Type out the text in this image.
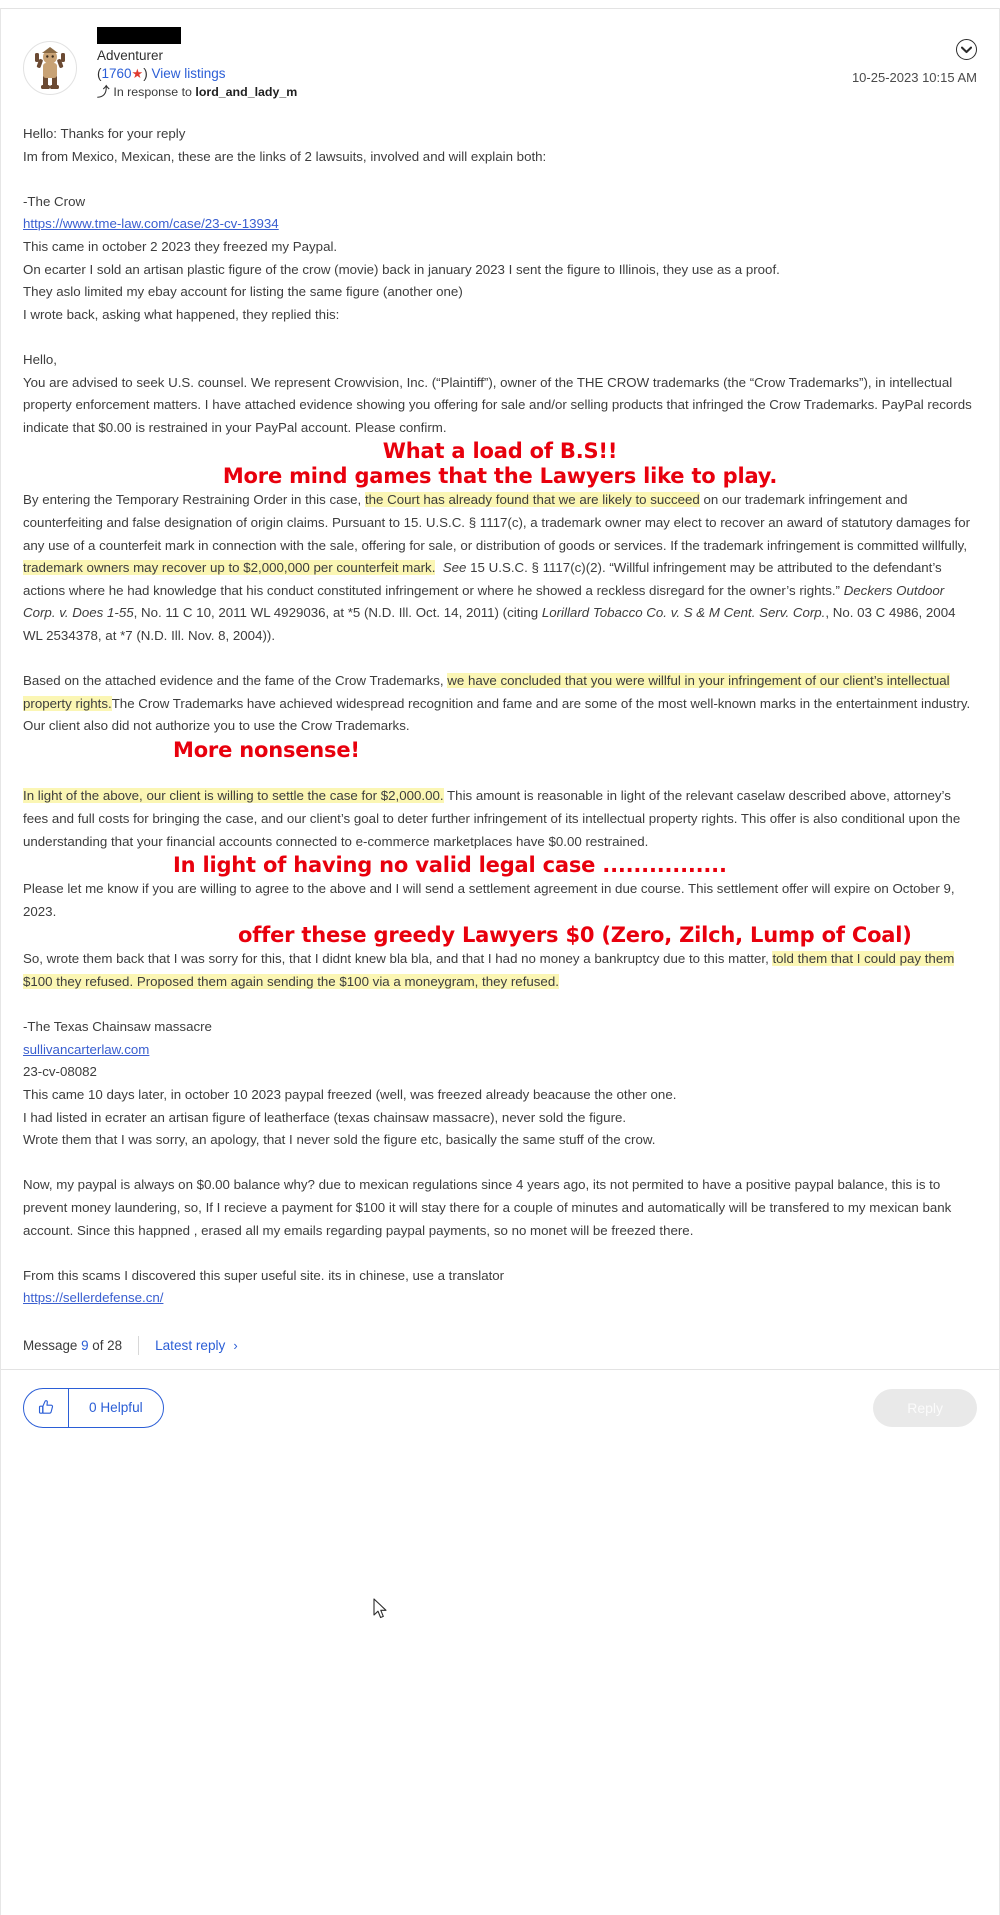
Adventurer
(1760★) View listings
⤴ In response to lord_and_lady_m
10-25-2023 10:15 AM
Hello: Thanks for your reply
Im from Mexico, Mexican, these are the links of 2 lawsuits, involved and will explain both:
-The Crow
https://www.tme-law.com/case/23-cv-13934
This came in october 2 2023 they freezed my Paypal.

On ecarter I sold an artisan plastic figure of the crow (movie) back in january 2023 I sent the figure to Illinois, they use as a proof.

They aslo limited my ebay account for listing the same figure (another one)
I wrote back, asking what happened, they replied this:
Hello,

You are advised to seek U.S. counsel. We represent Crowvision, Inc. (“Plaintiff”), owner of the THE CROW trademarks (the “Crow Trademarks”), in intellectual property enforcement matters. I have attached evidence showing you offering for sale and/or selling products that infringed the Crow Trademarks. PayPal records indicate that $0.00 is restrained in your PayPal account. Please confirm.

What a load of B.S!!
More mind games that the Lawyers like to play.

By entering the Temporary Restraining Order in this case, the Court has already found that we are likely to succeed on our trademark infringement and counterfeiting and false designation of origin claims. Pursuant to 15. U.S.C. § 1117(c), a trademark owner may elect to recover an award of statutory damages for any use of a counterfeit mark in connection with the sale, offering for sale, or distribution of goods or services. If the trademark infringement is committed willfully, trademark owners may recover up to $2,000,000 per counterfeit mark. See 15 U.S.C. § 1117(c)(2). “Willful infringement may be attributed to the defendant’s actions where he had knowledge that his conduct constituted infringement or where he showed a reckless disregard for the owner’s rights.” Deckers Outdoor Corp. v. Does 1-55, No. 11 C 10, 2011 WL 4929036, at *5 (N.D. Ill. Oct. 14, 2011) (citing Lorillard Tobacco Co. v. S & M Cent. Serv. Corp., No. 03 C 4986, 2004 WL 2534378, at *7 (N.D. Ill. Nov. 8, 2004)).

Based on the attached evidence and the fame of the Crow Trademarks, we have concluded that you were willful in your infringement of our client’s intellectual property rights.The Crow Trademarks have achieved widespread recognition and fame and are some of the most well-known marks in the entertainment industry. Our client also did not authorize you to use the Crow Trademarks.

More nonsense!

In light of the above, our client is willing to settle the case for $2,000.00. This amount is reasonable in light of the relevant caselaw described above, attorney’s fees and full costs for bringing the case, and our client’s goal to deter further infringement of its intellectual property rights. This offer is also conditional upon the understanding that your financial accounts connected to e-commerce marketplaces have $0.00 restrained.

In light of having no valid legal case ................

Please let me know if you are willing to agree to the above and I will send a settlement agreement in due course. This settlement offer will expire on October 9, 2023.

offer these greedy Lawyers $0 (Zero, Zilch, Lump of Coal)

So, wrote them back that I was sorry for this, that I didnt knew bla bla, and that I had no money a bankruptcy due to this matter, told them that I could pay them $100 they refused. Proposed them again sending the $100 via a moneygram, they refused.

-The Texas Chainsaw massacre
sullivancarterlaw.com
23-cv-08082
This came 10 days later, in october 10 2023 paypal freezed (well, was freezed already beacause the other one.
I had listed in ecrater an artisan figure of leatherface (texas chainsaw massacre), never sold the figure.
Wrote them that I was sorry, an apology, that I never sold the figure etc, basically the same stuff of the crow.

Now, my paypal is always on $0.00 balance why? due to mexican regulations since 4 years ago, its not permited to have a positive paypal balance, this is to prevent money laundering, so, If I recieve a payment for $100 it will stay there for a couple of minutes and automatically will be transfered to my mexican bank account. Since this happned , erased all my emails regarding paypal payments, so no monet will be freezed there.

From this scams I discovered this super useful site. its in chinese, use a translator
https://sellerdefense.cn/
Message
9
of 28 Latest reply ›
0 Helpful	Reply
